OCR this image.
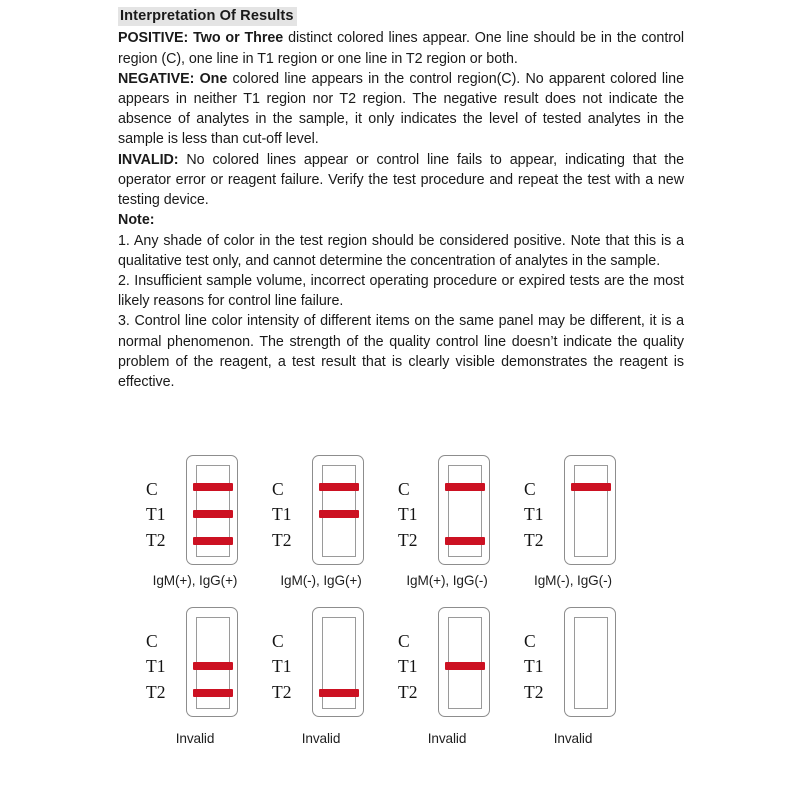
Interpretation Of Results

POSITIVE: Two or Three distinct colored lines appear. One line should be in the control region (C), one line in T1 region or one line in T2 region or both.

NEGATIVE: One colored line appears in the control region(C). No apparent colored line appears in neither T1 region nor T2 region. The negative result does not indicate the absence of analytes in the sample, it only indicates the level of tested analytes in the sample is less than cut-off level.

INVALID: No colored lines appear or control line fails to appear, indicating that the operator error or reagent failure. Verify the test procedure and repeat the test with a new testing device.

Note:

1. Any shade of color in the test region should be considered positive. Note that this is a qualitative test only, and cannot determine the concentration of analytes in the sample.

2. Insufficient sample volume, incorrect operating procedure or expired tests are the most likely reasons for control line failure.

3. Control line color intensity of different items on the same panel may be different, it is a normal phenomenon. The strength of the quality control line doesn’t indicate the quality problem of the reagent, a test result that is clearly visible demonstrates the reagent is effective.

C
T1
T2
IgM(+), IgG(+)
C
T1
T2
IgM(-), IgG(+)
C
T1
T2
IgM(+), IgG(-)
C
T1
T2
IgM(-), IgG(-)
C
T1
T2
Invalid
C
T1
T2
Invalid
C
T1
T2
Invalid
C
T1
T2
Invalid
